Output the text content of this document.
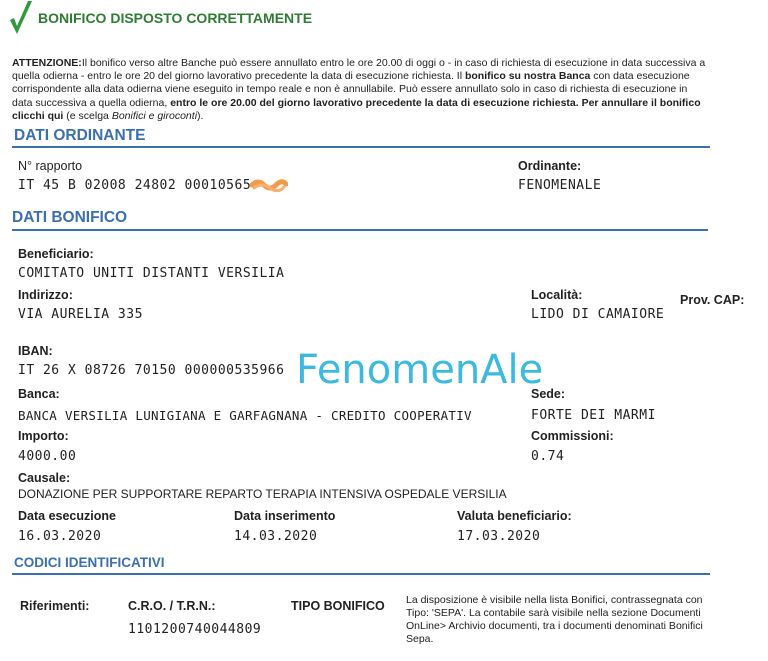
BONIFICO DISPOSTO CORRETTAMENTE
ATTENZIONE:Il bonifico verso altre Banche può essere annullato entro le ore 20.00 di oggi o - in caso di richiesta di esecuzione in data successiva a quella odierna - entro le ore 20 del giorno lavorativo precedente la data di esecuzione richiesta. Il bonifico su nostra Banca con data esecuzione corrispondente alla data odierna viene eseguito in tempo reale e non è annullabile. Può essere annullato solo in caso di richiesta di esecuzione in data successiva a quella odierna, entro le ore 20.00 del giorno lavorativo precedente la data di esecuzione richiesta. Per annullare il bonifico clicchi qui (e scelga Bonifici e giroconti).
DATI ORDINANTE
N° rapporto
IT 45 B 02008 24802 00010565
Ordinante:
FENOMENALE
DATI BONIFICO
Beneficiario:
COMITATO UNITI DISTANTI VERSILIA
Indirizzo:
VIA AURELIA 335
Località:
LIDO DI CAMAIORE
Prov. CAP:
IBAN:
IT 26 X 08726 70150 000000535966 FenomenAle
Banca:
BANCA VERSILIA LUNIGIANA E GARFAGNANA - CREDITO COOPERATIV
Sede:
FORTE DEI MARMI
Importo:
4000.00
Commissioni:
0.74
Causale:
DONAZIONE PER SUPPORTARE REPARTO TERAPIA INTENSIVA OSPEDALE VERSILIA
Data esecuzione
16.03.2020
Data inserimento
14.03.2020
Valuta beneficiario:
17.03.2020
CODICI IDENTIFICATIVI
Riferimenti:	C.R.O. / T.R.N.:
1101200740044809
TIPO BONIFICO La disposizione è visibile nella lista Bonifici, contrassegnata con Tipo: 'SEPA'. La contabile sarà visibile nella sezione Documenti OnLine> Archivio documenti, tra i documenti denominati Bonifici Sepa.
